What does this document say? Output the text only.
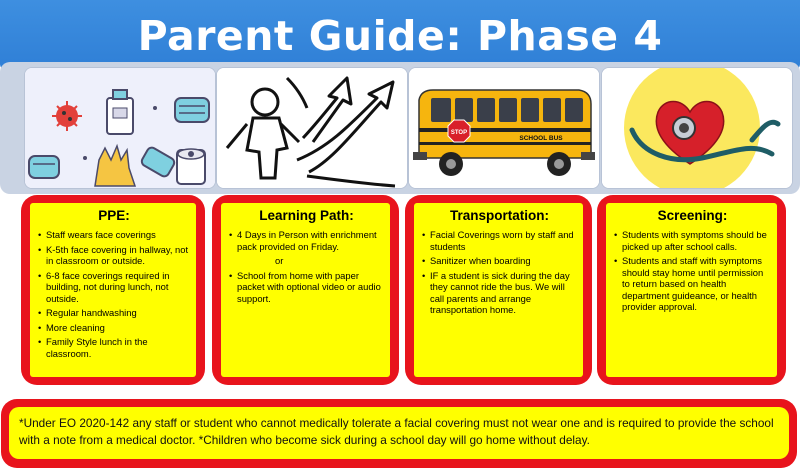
Parent Guide: Phase 4
STOP
SCHOOL BUS
PPE:
• Staff wears face coverings
• K-5th face covering in hallway, not in classroom or outside.
• 6-8 face coverings required in building, not during lunch, not outside.
• Regular handwashing
• More cleaning
• Family Style lunch in the classroom.
Learning Path:
• 4 Days in Person with enrichment pack provided on Friday.
or
• School from home with paper packet with optional video or audio support.
Transportation:
• Facial Coverings worn by staff and students
• Sanitizer when boarding
• IF a student is sick during the day they cannot ride the bus. We will call parents and arrange transportation home.
Screening:
• Students with symptoms should be picked up after school calls.
• Students and staff with symptoms should stay home until permission to return based on health department guideance, or health provider approval.
*Under EO 2020-142 any staff or student who cannot medically tolerate a facial covering must not wear one and is required to provide the school with a note from a medical doctor. *Children who become sick during a school day will go home without delay.
